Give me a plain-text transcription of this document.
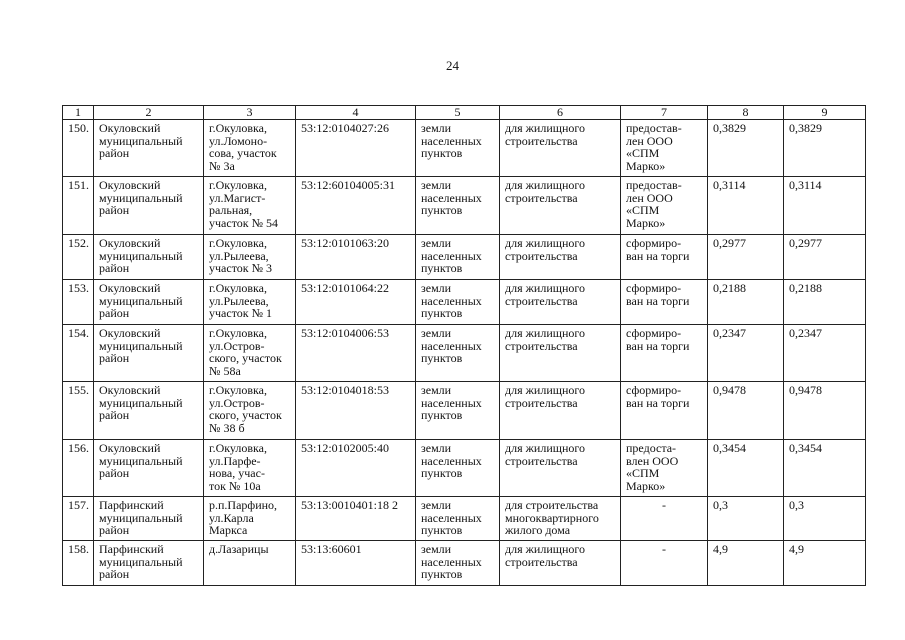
24
1	2	3	4	5	6	7	8	9
150.	Окуловский
муниципальный
район	г.Окуловка,
ул.Ломоно-
сова, участок
№ 3а	53:12:0104027:26	земли
населенных
пунктов	для жилищного
строительства	предостав-
лен ООО
«СПМ
Марко»	0,3829	0,3829
151.	Окуловский
муниципальный
район	г.Окуловка,
ул.Магист-
ральная,
участок № 54	53:12:60104005:31	земли
населенных
пунктов	для жилищного
строительства	предостав-
лен ООО
«СПМ
Марко»	0,3114	0,3114
152.	Окуловский
муниципальный
район	г.Окуловка,
ул.Рылеева,
участок № 3	53:12:0101063:20	земли
населенных
пунктов	для жилищного
строительства	сформиро-
ван на торги	0,2977	0,2977
153.	Окуловский
муниципальный
район	г.Окуловка,
ул.Рылеева,
участок № 1	53:12:0101064:22	земли
населенных
пунктов	для жилищного
строительства	сформиро-
ван на торги	0,2188	0,2188
154.	Окуловский
муниципальный
район	г.Окуловка,
ул.Остров-
ского, участок
№ 58а	53:12:0104006:53	земли
населенных
пунктов	для жилищного
строительства	сформиро-
ван на торги	0,2347	0,2347
155.	Окуловский
муниципальный
район	г.Окуловка,
ул.Остров-
ского, участок
№ 38 б	53:12:0104018:53	земли
населенных
пунктов	для жилищного
строительства	сформиро-
ван на торги	0,9478	0,9478
156.	Окуловский
муниципальный
район	г.Окуловка,
ул.Парфе-
нова, учас-
ток № 10а	53:12:0102005:40	земли
населенных
пунктов	для жилищного
строительства	предоста-
влен ООО
«СПМ
Марко»	0,3454	0,3454
157.	Парфинский
муниципальный
район	р.п.Парфино,
ул.Карла
Маркса	53:13:0010401:18 2	земли
населенных
пунктов	для строительства
многоквартирного
жилого дома	-	0,3	0,3
158.	Парфинский
муниципальный
район	д.Лазарицы	53:13:60601	земли
населенных
пунктов	для жилищного
строительства	-	4,9	4,9
